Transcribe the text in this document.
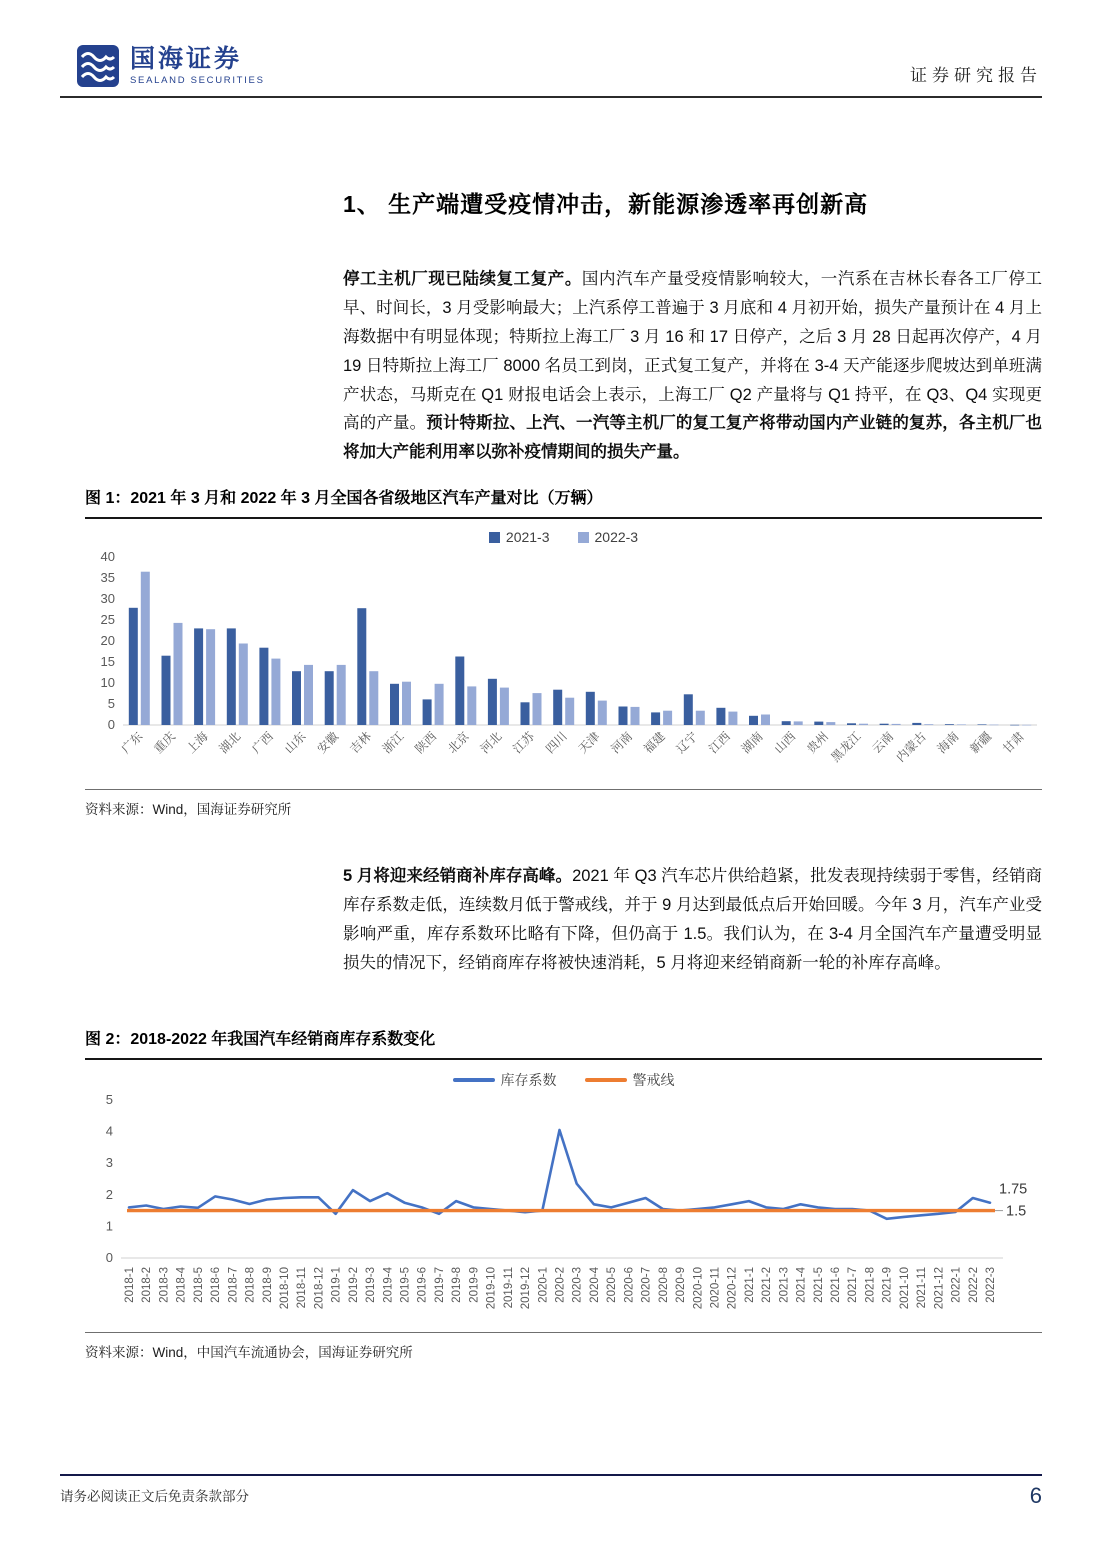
国海证券
SEALAND SECURITIES	证券研究报告
1、 生产端遭受疫情冲击，新能源渗透率再创新高

停工主机厂现已陆续复工复产。国内汽车产量受疫情影响较大，一汽系在吉林长春各工厂停工早、时间长，3 月受影响最大；上汽系停工普遍于 3 月底和 4 月初开始，损失产量预计在 4 月上海数据中有明显体现；特斯拉上海工厂 3 月 16 和 17 日停产，之后 3 月 28 日起再次停产，4 月 19 日特斯拉上海工厂 8000 名员工到岗，正式复工复产，并将在 3-4 天产能逐步爬坡达到单班满产状态，马斯克在 Q1 财报电话会上表示，上海工厂 Q2 产量将与 Q1 持平，在 Q3、Q4 实现更高的产量。预计特斯拉、上汽、一汽等主机厂的复工复产将带动国内产业链的复苏，各主机厂也将加大产能利用率以弥补疫情期间的损失产量。

图 1：2021 年 3 月和 2022 年 3 月全国各省级地区汽车产量对比（万辆）
2021-3	2022-3
0
5
10
15
20
25
30
35
40
广东 重庆 上海 湖北 广西 山东 安徽 吉林 浙江 陕西 北京 河北 江苏 四川 天津 河南 福建 辽宁 江西 湖南 山西 贵州
黑龙江 云南
内蒙古 海南 新疆 甘肃
资料来源：Wind，国海证券研究所

5 月将迎来经销商补库存高峰。2021 年 Q3 汽车芯片供给趋紧，批发表现持续弱于零售，经销商库存系数走低，连续数月低于警戒线，并于 9 月达到最低点后开始回暖。今年 3 月，汽车产业受影响严重，库存系数环比略有下降，但仍高于 1.5。我们认为，在 3-4 月全国汽车产量遭受明显损失的情况下，经销商库存将被快速消耗，5 月将迎来经销商新一轮的补库存高峰。

图 2：2018-2022 年我国汽车经销商库存系数变化
库存系数	警戒线
0
1
2
3
4
5
1.75
1.5
2018-1 2018-2 2018-3 2018-4 2018-5 2018-6 2018-7 2018-8 2018-9 2018-10 2018-11 2018-12 2019-1 2019-2 2019-3 2019-4 2019-5 2019-6 2019-7 2019-8 2019-9 2019-10 2019-11 2019-12 2020-1 2020-2 2020-3 2020-4 2020-5 2020-6 2020-7 2020-8 2020-9 2020-10 2020-11 2020-12 2021-1 2021-2 2021-3 2021-4 2021-5 2021-6 2021-7 2021-8 2021-9 2021-10 2021-11 2021-12 2022-1 2022-2 2022-3
资料来源：Wind，中国汽车流通协会，国海证券研究所
请务必阅读正文后免责条款部分	6
